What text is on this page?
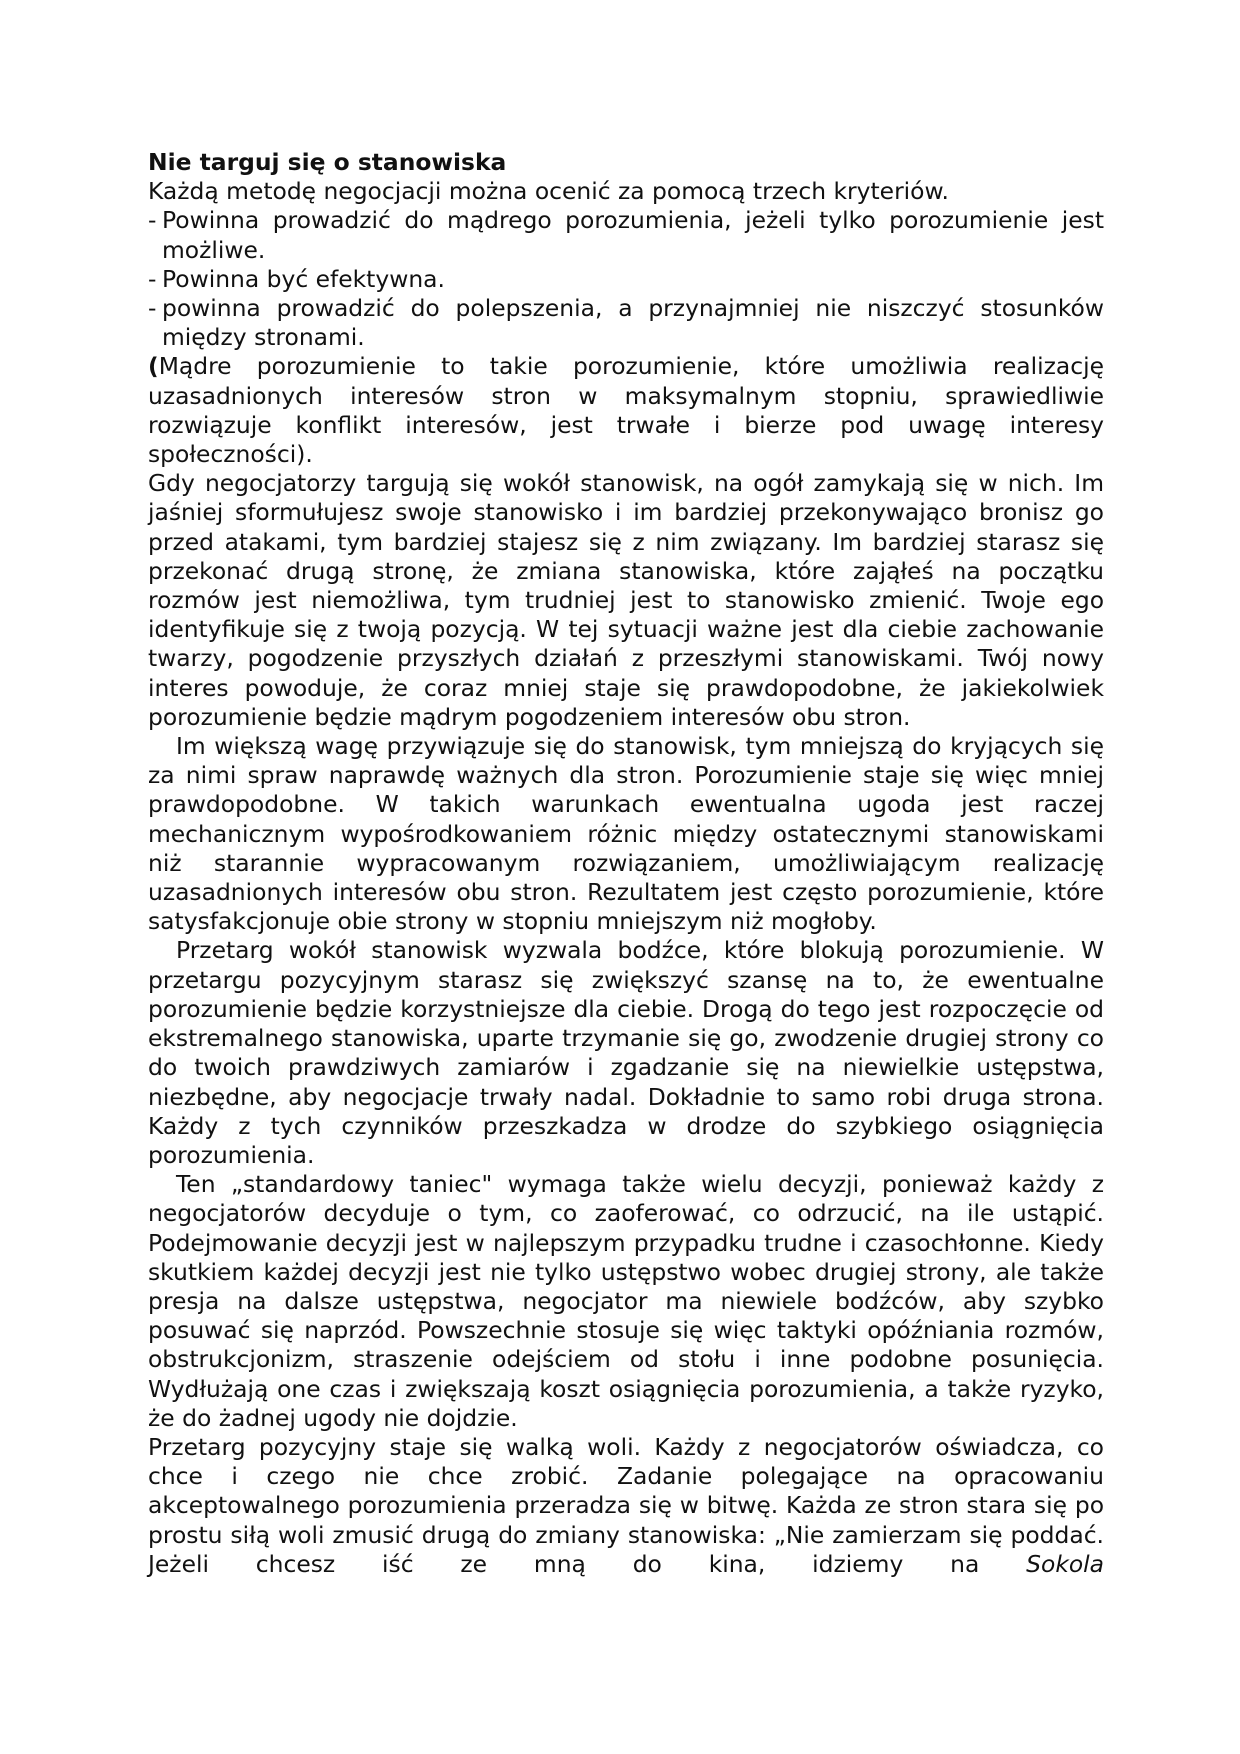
Nie targuj się o stanowiska

Każdą metodę negocjacji można ocenić za pomocą trzech kryteriów.

- Powinna prowadzić do mądrego porozumienia, jeżeli tylko porozumienie jest możliwe.
- Powinna być efektywna.
- powinna prowadzić do polepszenia, a przynajmniej nie niszczyć stosunków między stronami.

(Mądre porozumienie to takie porozumienie, które umożliwia realizację uzasadnionych interesów stron w maksymalnym stopniu, sprawiedliwie rozwiązuje konflikt interesów, jest trwałe i bierze pod uwagę interesy społeczności).

Gdy negocjatorzy targują się wokół stanowisk, na ogół zamykają się w nich. Im jaśniej sformułujesz swoje stanowisko i im bardziej przekonywająco bronisz go przed atakami, tym bardziej stajesz się z nim związany. Im bardziej starasz się przekonać drugą stronę, że zmiana stanowiska, które zająłeś na początku rozmów jest niemożliwa, tym trudniej jest to stanowisko zmienić. Twoje ego identyfikuje się z twoją pozycją. W tej sytuacji ważne jest dla ciebie zachowanie twarzy, pogodzenie przyszłych działań z przeszłymi stanowiskami. Twój nowy interes powoduje, że coraz mniej staje się prawdopodobne, że jakiekolwiek porozumienie będzie mądrym pogodzeniem interesów obu stron.

Im większą wagę przywiązuje się do stanowisk, tym mniejszą do kryjących się za nimi spraw naprawdę ważnych dla stron. Porozumienie staje się więc mniej prawdopodobne. W takich warunkach ewentualna ugoda jest raczej mechanicznym wypośrodkowaniem różnic między ostatecznymi stanowiskami niż starannie wypracowanym rozwiązaniem, umożliwiającym realizację uzasadnionych interesów obu stron. Rezultatem jest często porozumienie, które satysfakcjonuje obie strony w stopniu mniejszym niż mogłoby.

Przetarg wokół stanowisk wyzwala bodźce, które blokują porozumienie. W przetargu pozycyjnym starasz się zwiększyć szansę na to, że ewentualne porozumienie będzie korzystniejsze dla ciebie. Drogą do tego jest rozpoczęcie od ekstremalnego stanowiska, uparte trzymanie się go, zwodzenie drugiej strony co do twoich prawdziwych zamiarów i zgadzanie się na niewielkie ustępstwa, niezbędne, aby negocjacje trwały nadal. Dokładnie to samo robi druga strona. Każdy z tych czynników przeszkadza w drodze do szybkiego osiągnięcia porozumienia.

Ten „standardowy taniec" wymaga także wielu decyzji, ponieważ każdy z negocjatorów decyduje o tym, co zaoferować, co odrzucić, na ile ustąpić. Podejmowanie decyzji jest w najlepszym przypadku trudne i czasochłonne. Kiedy skutkiem każdej decyzji jest nie tylko ustępstwo wobec drugiej strony, ale także presja na dalsze ustępstwa, negocjator ma niewiele bodźców, aby szybko posuwać się naprzód. Powszechnie stosuje się więc taktyki opóźniania rozmów, obstrukcjonizm, straszenie odejściem od stołu i inne podobne posunięcia. Wydłużają one czas i zwiększają koszt osiągnięcia porozumienia, a także ryzyko, że do żadnej ugody nie dojdzie.

Przetarg pozycyjny staje się walką woli. Każdy z negocjatorów oświadcza, co chce i czego nie chce zrobić. Zadanie polegające na opracowaniu akceptowalnego porozumienia przeradza się w bitwę. Każda ze stron stara się po prostu siłą woli zmusić drugą do zmiany stanowiska: „Nie zamierzam się poddać. Jeżeli chcesz iść ze mną do kina, idziemy na Sokola
